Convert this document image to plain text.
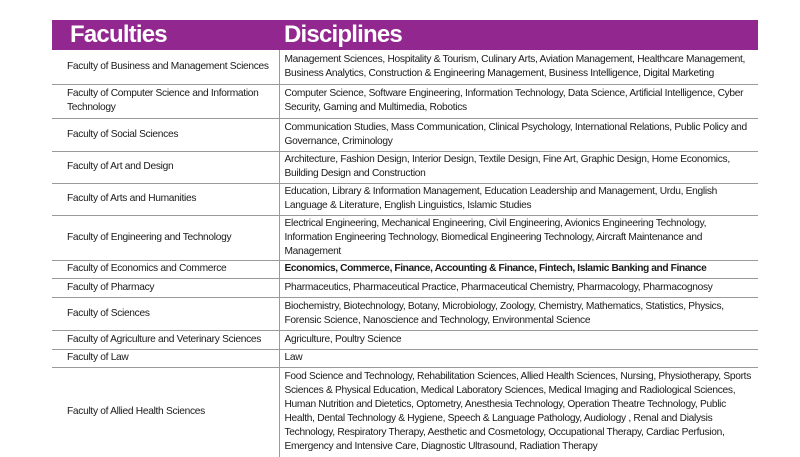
Faculties	Disciplines
Faculty of Business and Management Sciences	Management Sciences, Hospitality & Tourism, Culinary Arts, Aviation Management, Healthcare Management, Business Analytics, Construction & Engineering Management, Business Intelligence, Digital Marketing
Faculty of Computer Science and Information Technology	Computer Science, Software Engineering, Information Technology, Data Science, Artificial Intelligence, Cyber Security, Gaming and Multimedia, Robotics
Faculty of Social Sciences	Communication Studies, Mass Communication, Clinical Psychology, International Relations, Public Policy and Governance, Criminology
Faculty of Art and Design	Architecture, Fashion Design, Interior Design, Textile Design, Fine Art, Graphic Design, Home Economics, Building Design and Construction
Faculty of Arts and Humanities	Education, Library & Information Management, Education Leadership and Management, Urdu, English Language & Literature, English Linguistics, Islamic Studies
Faculty of Engineering and Technology	Electrical Engineering, Mechanical Engineering, Civil Engineering, Avionics Engineering Technology, Information Engineering Technology, Biomedical Engineering Technology, Aircraft Maintenance and Management
Faculty of Economics and Commerce	Economics, Commerce, Finance, Accounting & Finance, Fintech, Islamic Banking and Finance
Faculty of Pharmacy	Pharmaceutics, Pharmaceutical Practice, Pharmaceutical Chemistry, Pharmacology, Pharmacognosy
Faculty of Sciences	Biochemistry, Biotechnology, Botany, Microbiology, Zoology, Chemistry, Mathematics, Statistics, Physics, Forensic Science, Nanoscience and Technology, Environmental Science
Faculty of Agriculture and Veterinary Sciences	Agriculture, Poultry Science
Faculty of Law	Law
Faculty of Allied Health Sciences	Food Science and Technology, Rehabilitation Sciences, Allied Health Sciences, Nursing, Physiotherapy, Sports Sciences & Physical Education, Medical Laboratory Sciences, Medical Imaging and Radiological Sciences, Human Nutrition and Dietetics, Optometry, Anesthesia Technology, Operation Theatre Technology, Public Health, Dental Technology & Hygiene, Speech & Language Pathology, Audiology , Renal and Dialysis Technology, Respiratory Therapy, Aesthetic and Cosmetology, Occupational Therapy, Cardiac Perfusion, Emergency and Intensive Care, Diagnostic Ultrasound, Radiation Therapy
